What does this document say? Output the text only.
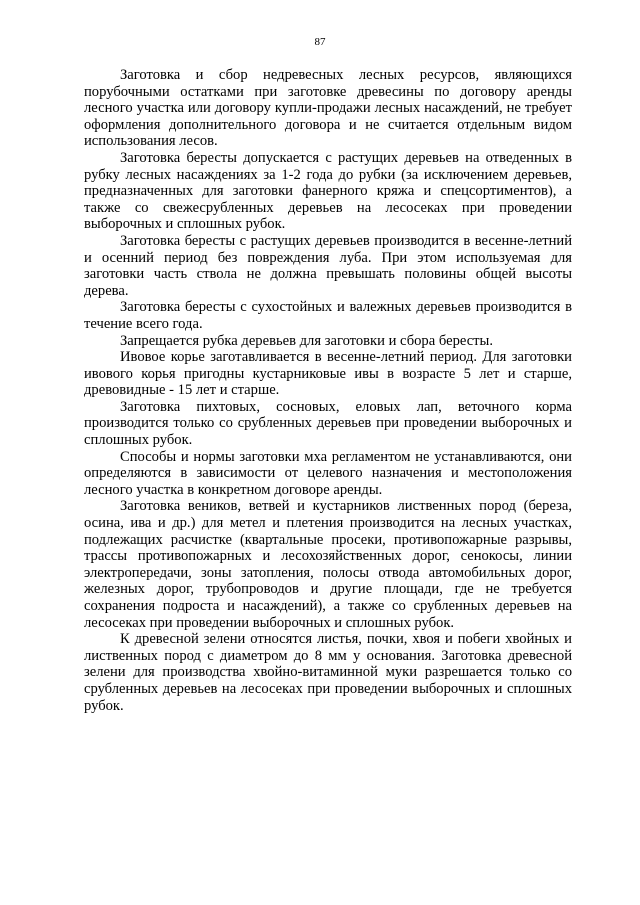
87

Заготовка и сбор недревесных лесных ресурсов, являющихся порубочными остатками при заготовке древесины по договору аренды лесного участка или договору купли-продажи лесных насаждений, не требует оформления дополнительного договора и не считается отдельным видом использования лесов.

Заготовка бересты допускается с растущих деревьев на отведенных в рубку лесных насаждениях за 1-2 года до рубки (за исключением деревьев, предназначенных для заготовки фанерного кряжа и спецсортиментов), а также со свежесрубленных деревьев на лесосеках при проведении выборочных и сплошных рубок.

Заготовка бересты с растущих деревьев производится в весенне-летний и осенний период без повреждения луба. При этом используемая для заготовки часть ствола не должна превышать половины общей высоты дерева.

Заготовка бересты с сухостойных и валежных деревьев производится в течение всего года.

Запрещается рубка деревьев для заготовки и сбора бересты.

Ивовое корье заготавливается в весенне-летний период. Для заготовки ивового корья пригодны кустарниковые ивы в возрасте 5 лет и старше, древовидные - 15 лет и старше.

Заготовка пихтовых, сосновых, еловых лап, веточного корма производится только со срубленных деревьев при проведении выборочных и сплошных рубок.

Способы и нормы заготовки мха регламентом не устанавливаются, они определяются в зависимости от целевого назначения и местоположения лесного участка в конкретном договоре аренды.

Заготовка веников, ветвей и кустарников лиственных пород (береза, осина, ива и др.) для метел и плетения производится на лесных участках, подлежащих расчистке (квартальные просеки, противопожарные разрывы, трассы противопожарных и лесохозяйственных дорог, сенокосы, линии электропередачи, зоны затопления, полосы отвода автомобильных дорог, железных дорог, трубопроводов и другие площади, где не требуется сохранения подроста и насаждений), а также со срубленных деревьев на лесосеках при проведении выборочных и сплошных рубок.

К древесной зелени относятся листья, почки, хвоя и побеги хвойных и лиственных пород с диаметром до 8 мм у основания. Заготовка древесной зелени для производства хвойно-витаминной муки разрешается только со срубленных деревьев на лесосеках при проведении выборочных и сплошных рубок.
